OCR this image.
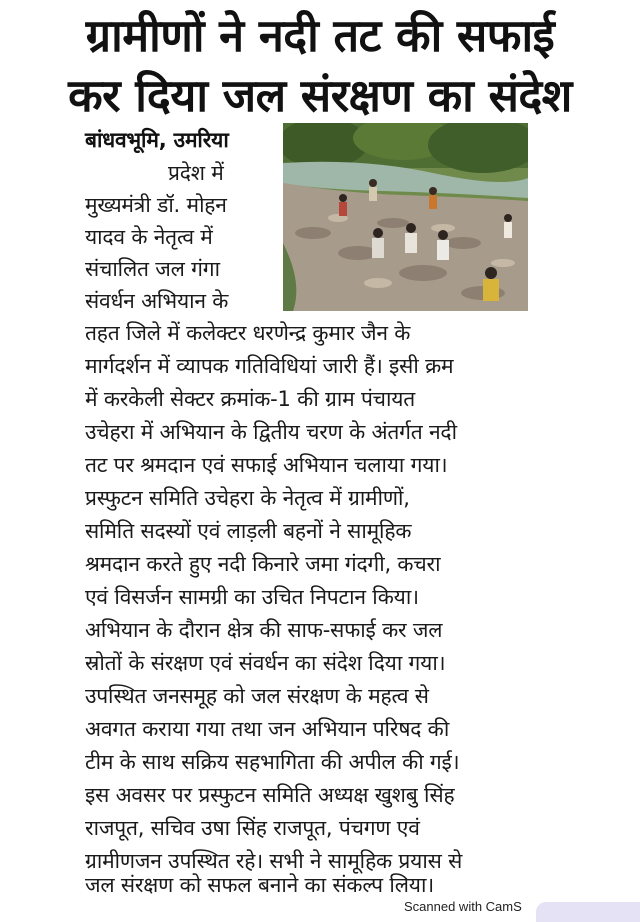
ग्रामीणों ने नदी तट की सफाई
कर दिया जल संरक्षण का संदेश
बांधवभूमि, उमरिया
प्रदेश में
मुख्यमंत्री डॉ. मोहन
यादव के नेतृत्व में
संचालित जल गंगा
संवर्धन अभियान के
तहत जिले में कलेक्टर धरणेन्द्र कुमार जैन के
मार्गदर्शन में व्यापक गतिविधियां जारी हैं। इसी क्रम
में करकेली सेक्टर क्रमांक-1 की ग्राम पंचायत
उचेहरा में अभियान के द्वितीय चरण के अंतर्गत नदी
तट पर श्रमदान एवं सफाई अभियान चलाया गया।
प्रस्फुटन समिति उचेहरा के नेतृत्व में ग्रामीणों,
समिति सदस्यों एवं लाड़ली बहनों ने सामूहिक
श्रमदान करते हुए नदी किनारे जमा गंदगी, कचरा
एवं विसर्जन सामग्री का उचित निपटान किया।
अभियान के दौरान क्षेत्र की साफ-सफाई कर जल
स्रोतों के संरक्षण एवं संवर्धन का संदेश दिया गया।
उपस्थित जनसमूह को जल संरक्षण के महत्व से
अवगत कराया गया तथा जन अभियान परिषद की
टीम के साथ सक्रिय सहभागिता की अपील की गई।
इस अवसर पर प्रस्फुटन समिति अध्यक्ष खुशबु सिंह
राजपूत, सचिव उषा सिंह राजपूत, पंचगण एवं
ग्रामीणजन उपस्थित रहे। सभी ने सामूहिक प्रयास से
जल संरक्षण को सफल बनाने का संकल्प लिया।
Scanned with CamS
